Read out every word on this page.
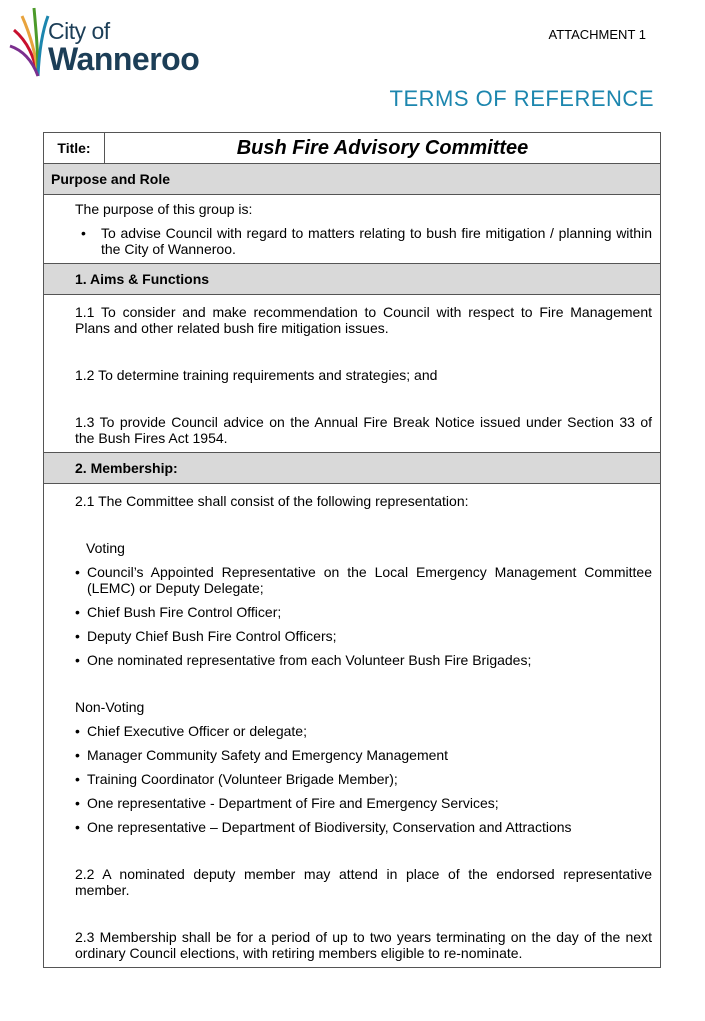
City of
Wanneroo
ATTACHMENT 1
TERMS OF REFERENCE
Title:	Bush Fire Advisory Committee
Purpose and Role

The purpose of this group is:

•	To advise Council with regard to matters relating to bush fire mitigation / planning within the City of Wanneroo.

1. Aims & Functions

1.1 To consider and make recommendation to Council with respect to Fire Management Plans and other related bush fire mitigation issues.

1.2 To determine training requirements and strategies; and

1.3 To provide Council advice on the Annual Fire Break Notice issued under Section 33 of the Bush Fires Act 1954.

2. Membership:

2.1 The Committee shall consist of the following representation:

Voting

• Council’s Appointed Representative on the Local Emergency Management Committee (LEMC) or Deputy Delegate;
• Chief Bush Fire Control Officer;
• Deputy Chief Bush Fire Control Officers;
• One nominated representative from each Volunteer Bush Fire Brigades;

Non-Voting

• Chief Executive Officer or delegate;
• Manager Community Safety and Emergency Management
• Training Coordinator (Volunteer Brigade Member);
• One representative - Department of Fire and Emergency Services;
• One representative – Department of Biodiversity, Conservation and Attractions

2.2 A nominated deputy member may attend in place of the endorsed representative member.

2.3 Membership shall be for a period of up to two years terminating on the day of the next ordinary Council elections, with retiring members eligible to re-nominate.
